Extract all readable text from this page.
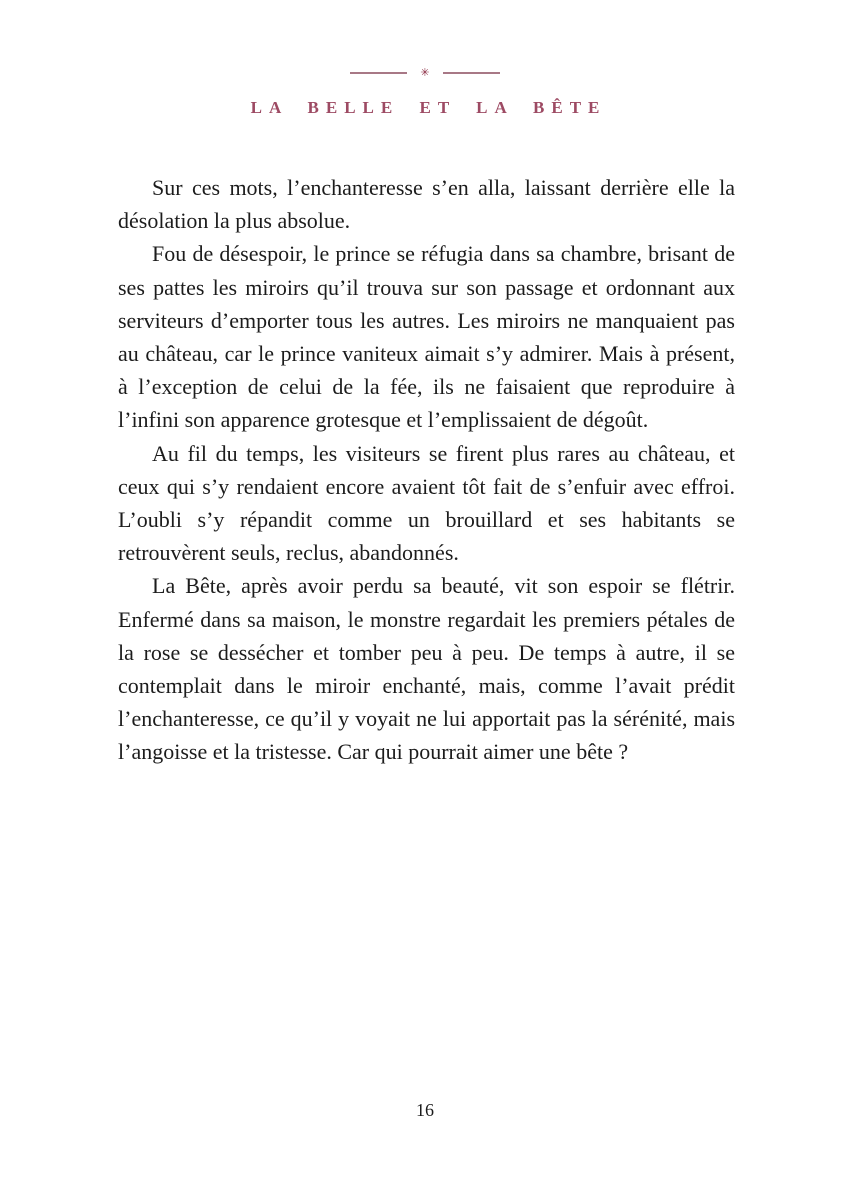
✳
LA BELLE ET LA BÊTE

Sur ces mots, l’enchanteresse s’en alla, laissant derrière elle la désolation la plus absolue.

Fou de désespoir, le prince se réfugia dans sa chambre, brisant de ses pattes les miroirs qu’il trouva sur son passage et ordonnant aux serviteurs d’emporter tous les autres. Les miroirs ne manquaient pas au château, car le prince vaniteux aimait s’y admirer. Mais à présent, à l’exception de celui de la fée, ils ne faisaient que reproduire à l’infini son apparence grotesque et l’emplissaient de dégoût.

Au fil du temps, les visiteurs se firent plus rares au château, et ceux qui s’y rendaient encore avaient tôt fait de s’enfuir avec effroi. L’oubli s’y répandit comme un brouillard et ses habitants se retrouvèrent seuls, reclus, abandonnés.

La Bête, après avoir perdu sa beauté, vit son espoir se flétrir. Enfermé dans sa maison, le monstre regardait les premiers pétales de la rose se dessécher et tomber peu à peu. De temps à autre, il se contemplait dans le miroir enchanté, mais, comme l’avait prédit l’enchanteresse, ce qu’il y voyait ne lui apportait pas la sérénité, mais l’angoisse et la tristesse. Car qui pourrait aimer une bête ?

16
